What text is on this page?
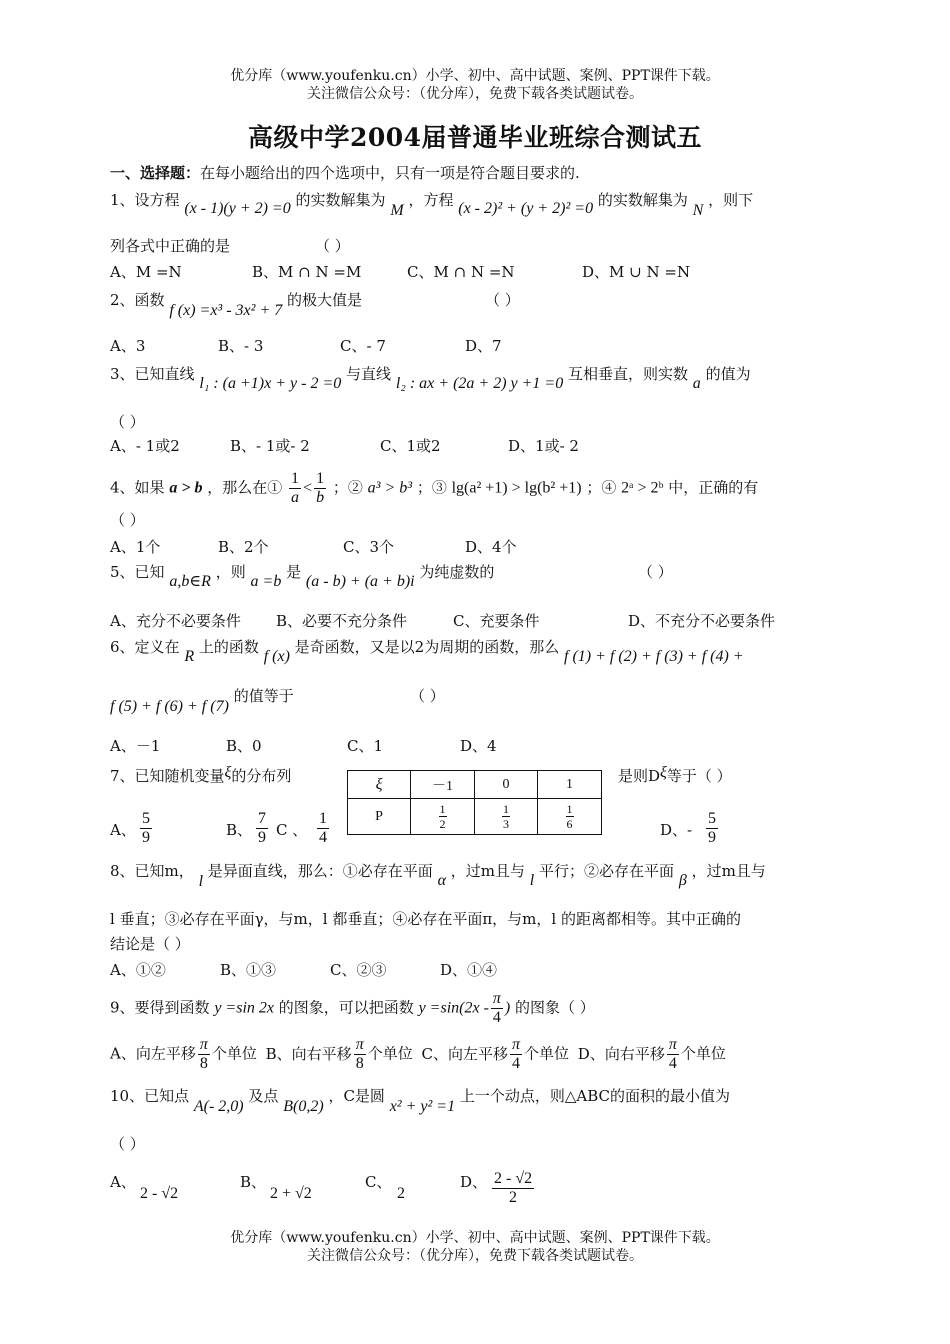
优分库（www.youfenku.cn）小学、初中、高中试题、案例、PPT课件下载。
关注微信公众号：（优分库），免费下载各类试题试卷。
高级中学2004届普通毕业班综合测试五
一、选择题：在每小题给出的四个选项中，只有一项是符合题目要求的.
1、设方程 (x - 1)(y + 2) =0 的实数解集为 M ，方程 (x - 2)² + (y + 2)² =0 的实数解集为 N ，则下
列各式中正确的是	（ ）
A、M =N	B、M ∩ N =M	C、M ∩ N =N	D、M ∪ N =N
2、函数 f (x) =x³ - 3x² + 7 的极大值是	（ ）
A、3	B、- 3	C、- 7	D、7
3、已知直线 l₁ : (a +1)x + y - 2 =0 与直线 l₂ : ax + (2a + 2) y +1 =0 互相垂直，则实数 a 的值为
（ ）
A、- 1或2	B、- 1或- 2	C、1或2	D、1或- 2
4、如果 a > b ，那么在① $\frac{1}{a} < \frac{1}{b}$ ；② a³ > b³ ；③ lg(a² +1) > lg(b² +1) ；④ 2ᵃ > 2ᵇ 中，正确的有
（ ）
A、1个	B、2个	C、3个	D、4个
5、已知 a,b∈R ，则 a =b 是 (a - b) + (a + b)i 为纯虚数的	（ ）
A、充分不必要条件 B、必要不充分条件	C、充要条件	D、不充分不必要条件
6、定义在 R 上的函数 f (x) 是奇函数，又是以2为周期的函数，那么 f (1) + f (2) + f (3) + f (4) +
f (5) + f (6) + f (7) 的值等于	（ ）
A、－1	B、0	C、1	D、4
7、已知随机变量ξ的分布列	是则Dξ等于（ ）
ξ	－1	0	1
P	$\frac{1}{2}$	$\frac{1}{3}$	$\frac{1}{6}$
A、 $\frac{5}{9}$	B、 $\frac{7}{9}$ C 、 $\frac{1}{4}$	D、- $\frac{5}{9}$
8、已知m， l 是异面直线，那么：①必存在平面 α ，过m且与 l 平行；②必存在平面 β ，过m且与
l 垂直；③必存在平面γ，与m，l 都垂直；④必存在平面π，与m，l 的距离都相等。其中正确的
结论是（ ）
A、①②	B、①③	C、②③	D、①④
9、要得到函数 y =sin 2x 的图象，可以把函数 $y =\sin(2x - \frac{\pi}{4}$ ) 的图象（ ）
A、向左平移 $\frac{\pi}{8}$ 个单位 B、向右平移 $\frac{\pi}{8}$ 个单位 C、向左平移 $\frac{\pi}{4}$ 个单位 D、向右平移 $\frac{\pi}{4}$ 个单位
10、已知点 A(- 2,0) 及点 B(0,2) ，C是圆 x² + y² =1 上一个动点，则△ABC的面积的最小值为
（ ）
A、
2 - √2
B、
2 + √2
C、
2
D、 $\frac{2 - √2}{2}$
优分库（www.youfenku.cn）小学、初中、高中试题、案例、PPT课件下载。
关注微信公众号：（优分库），免费下载各类试题试卷。
